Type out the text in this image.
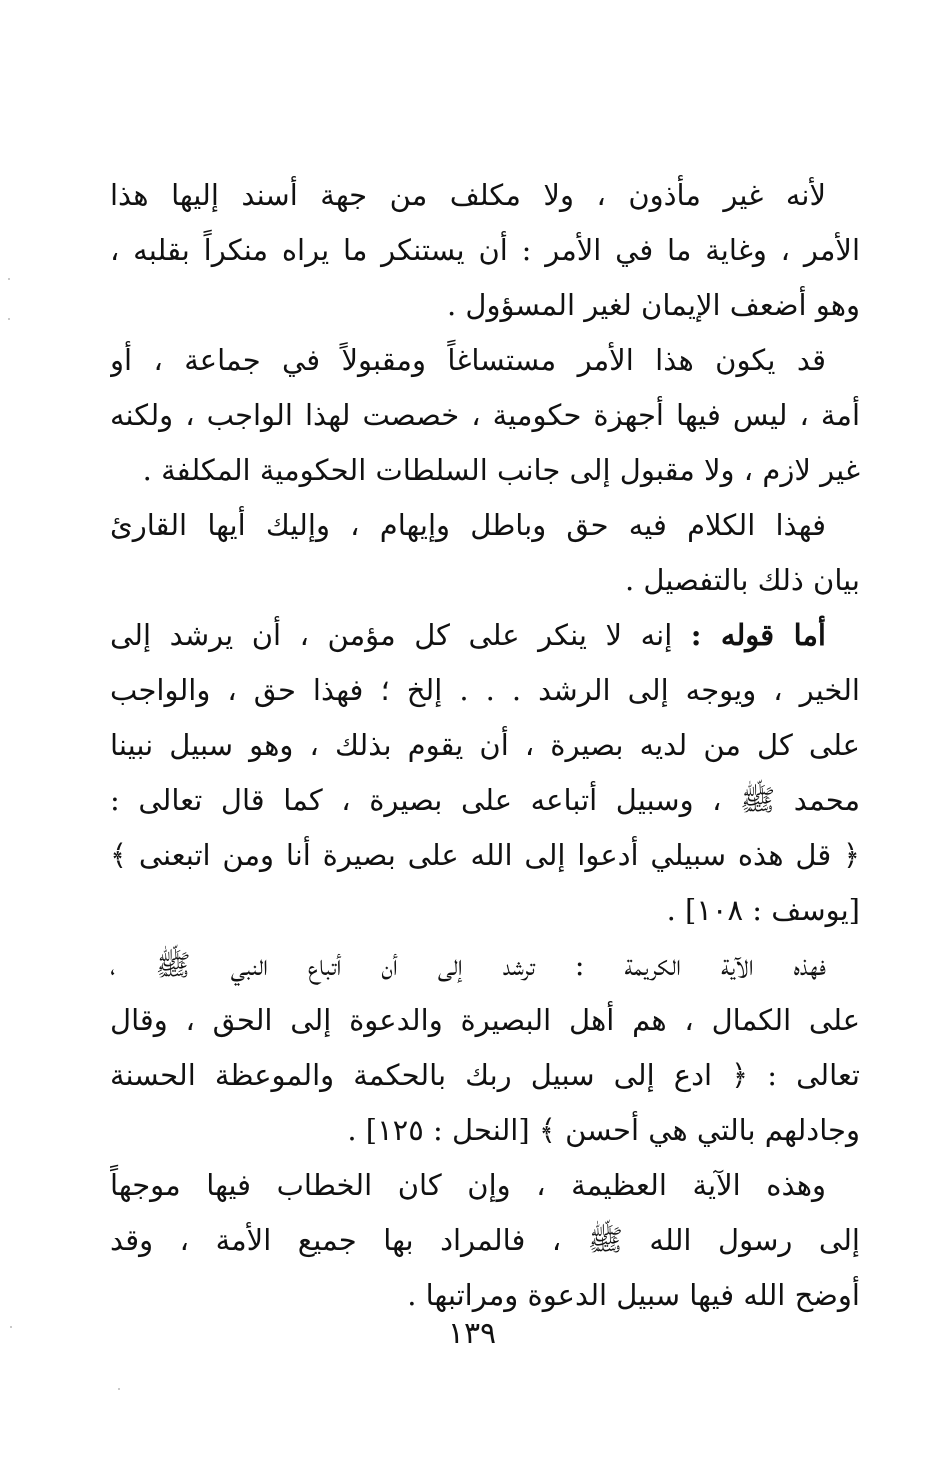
لأنه غير مأذون ، ولا مكلف من جهة أسند إليها هذا
الأمر ، وغاية ما في الأمر : أن يستنكر ما يراه منكراً بقلبه ،
وهو أضعف الإيمان لغير المسؤول .
قد يكون هذا الأمر مستساغاً ومقبولاً في جماعة ، أو
أمة ، ليس فيها أجهزة حكومية ، خصصت لهذا الواجب ، ولكنه
غير لازم ، ولا مقبول إلى جانب السلطات الحكومية المكلفة .
فهذا الكلام فيه حق وباطل وإيهام ، وإليك أيها القارئ
بيان ذلك بالتفصيل .
أما قوله : إنه لا ينكر على كل مؤمن ، أن يرشد إلى
الخير ، ويوجه إلى الرشد . . . إلخ ؛ فهذا حق ، والواجب
على كل من لديه بصيرة ، أن يقوم بذلك ، وهو سبيل نبينا
محمد ﷺ ، وسبيل أتباعه على بصيرة ، كما قال تعالى :
﴿ قل هذه سبيلي أدعوا إلى الله على بصيرة أنا ومن اتبعنى ﴾
[يوسف : ١٠٨] .
فهذه الآية الكريمة : ترشد إلى أن أتباع النبي ﷺ ،
على الكمال ، هم أهل البصيرة والدعوة إلى الحق ، وقال
تعالى : ﴿ ادع إلى سبيل ربك بالحكمة والموعظة الحسنة
وجادلهم بالتي هي أحسن ﴾ [النحل : ١٢٥] .
وهذه الآية العظيمة ، وإن كان الخطاب فيها موجهاً
إلى رسول الله ﷺ ، فالمراد بها جميع الأمة ، وقد
أوضح الله فيها سبيل الدعوة ومراتبها .
١٣٩
